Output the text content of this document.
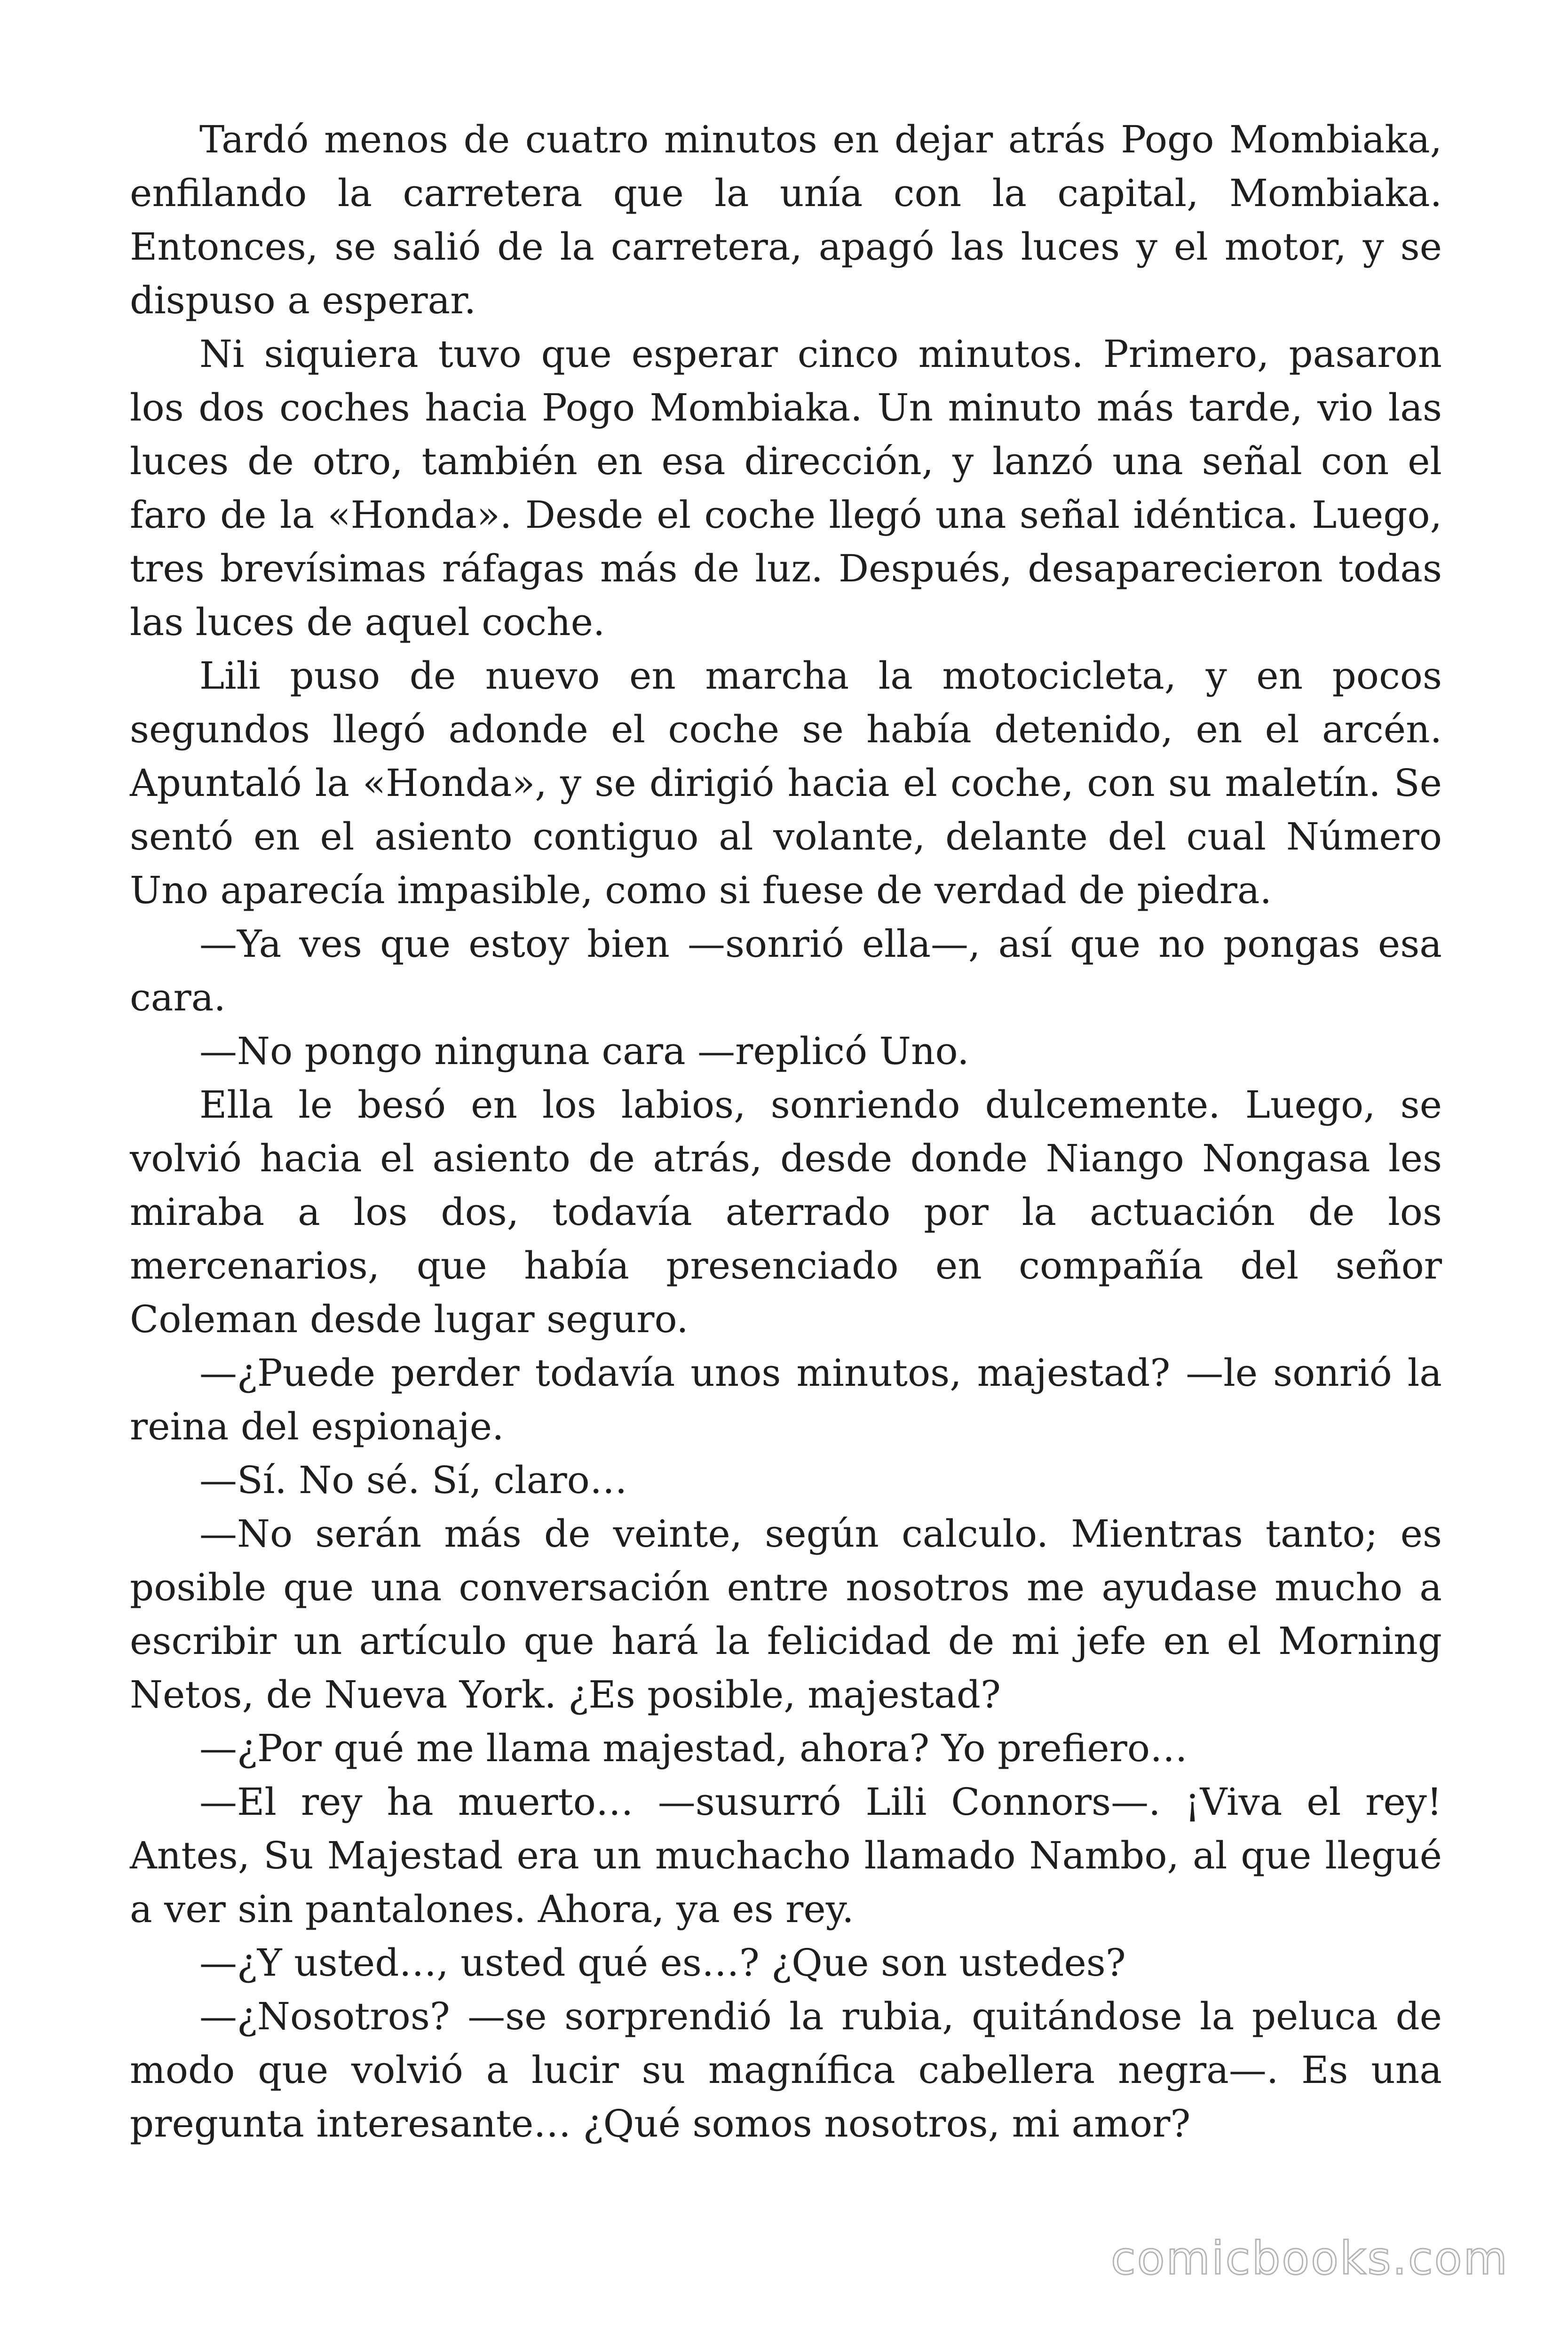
Tardó menos de cuatro minutos en dejar atrás Pogo Mombiaka, enfilando la carretera que la unía con la capital, Mombiaka. Entonces, se salió de la carretera, apagó las luces y el motor, y se dispuso a esperar.

Ni siquiera tuvo que esperar cinco minutos. Primero, pasaron los dos coches hacia Pogo Mombiaka. Un minuto más tarde, vio las luces de otro, también en esa dirección, y lanzó una señal con el faro de la «Honda». Desde el coche llegó una señal idéntica. Luego, tres brevísimas ráfagas más de luz. Después, desaparecieron todas las luces de aquel coche.

Lili puso de nuevo en marcha la motocicleta, y en pocos segundos llegó adonde el coche se había detenido, en el arcén. Apuntaló la «Honda», y se dirigió hacia el coche, con su maletín. Se sentó en el asiento contiguo al volante, delante del cual Número Uno aparecía impasible, como si fuese de verdad de piedra.

—Ya ves que estoy bien —sonrió ella—, así que no pongas esa cara.

—No pongo ninguna cara —replicó Uno.

Ella le besó en los labios, sonriendo dulcemente. Luego, se volvió hacia el asiento de atrás, desde donde Niango Nongasa les miraba a los dos, todavía aterrado por la actuación de los mercenarios, que había presenciado en compañía del señor Coleman desde lugar seguro.

—¿Puede perder todavía unos minutos, majestad? —le sonrió la reina del espionaje.

—Sí. No sé. Sí, claro…

—No serán más de veinte, según calculo. Mientras tanto; es posible que una conversación entre nosotros me ayudase mucho a escribir un artículo que hará la felicidad de mi jefe en el Morning Netos, de Nueva York. ¿Es posible, majestad?

—¿Por qué me llama majestad, ahora? Yo prefiero…

—El rey ha muerto… —susurró Lili Connors—. ¡Viva el rey! Antes, Su Majestad era un muchacho llamado Nambo, al que llegué a ver sin pantalones. Ahora, ya es rey.

—¿Y usted…, usted qué es…? ¿Que son ustedes?

—¿Nosotros? —se sorprendió la rubia, quitándose la peluca de modo que volvió a lucir su magnífica cabellera negra—. Es una pregunta interesante… ¿Qué somos nosotros, mi amor?

comicbooks.com
